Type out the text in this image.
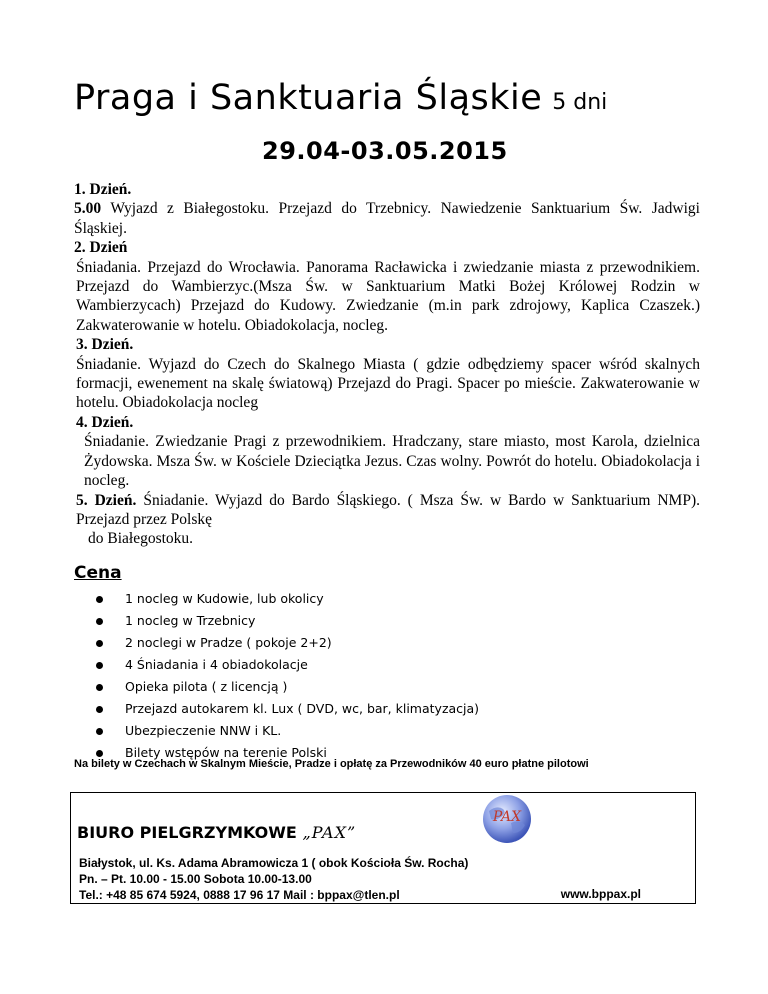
Praga i Sanktuaria Śląskie 5 dni
29.04-03.05.2015

1. Dzień.

5.00 Wyjazd z Białegostoku. Przejazd do Trzebnicy. Nawiedzenie Sanktuarium Św. Jadwigi Śląskiej.

2. Dzień

Śniadania. Przejazd do Wrocławia. Panorama Racławicka i zwiedzanie miasta z przewodnikiem. Przejazd do Wambierzyc.(Msza Św. w Sanktuarium Matki Bożej Królowej Rodzin w Wambierzycach) Przejazd do Kudowy. Zwiedzanie (m.in park zdrojowy, Kaplica Czaszek.) Zakwaterowanie w hotelu. Obiadokolacja, nocleg.

3. Dzień.

Śniadanie. Wyjazd do Czech do Skalnego Miasta ( gdzie odbędziemy spacer wśród skalnych formacji, ewenement na skalę światową) Przejazd do Pragi. Spacer po mieście. Zakwaterowanie w hotelu. Obiadokolacja nocleg

4. Dzień.

Śniadanie. Zwiedzanie Pragi z przewodnikiem. Hradczany, stare miasto, most Karola, dzielnica Żydowska. Msza Św. w Kościele Dzieciątka Jezus. Czas wolny. Powrót do hotelu. Obiadokolacja i nocleg.

5. Dzień. Śniadanie. Wyjazd do Bardo Śląskiego. ( Msza Św. w Bardo w Sanktuarium NMP). Przejazd przez Polskę

do Białegostoku.

Cena
1 nocleg w Kudowie, lub okolicy
1 nocleg w Trzebnicy
2 noclegi w Pradze ( pokoje 2+2)
4 Śniadania i 4 obiadokolacje
Opieka pilota ( z licencją )
Przejazd autokarem kl. Lux ( DVD, wc, bar, klimatyzacja)
Ubezpieczenie NNW i KL.
Bilety wstępów na terenie Polski
Na bilety w Czechach w Skalnym Mieście, Pradze i opłatę za Przewodników 40 euro płatne pilotowi
BIURO PIELGRZYMKOWE „PAX”
PAX
Białystok, ul. Ks. Adama Abramowicza 1 ( obok Kościoła Św. Rocha)
Pn. – Pt. 10.00 - 15.00 Sobota 10.00-13.00
Tel.: +48 85 674 5924, 0888 17 96 17 Mail : bppax@tlen.pl	www.bppax.pl
